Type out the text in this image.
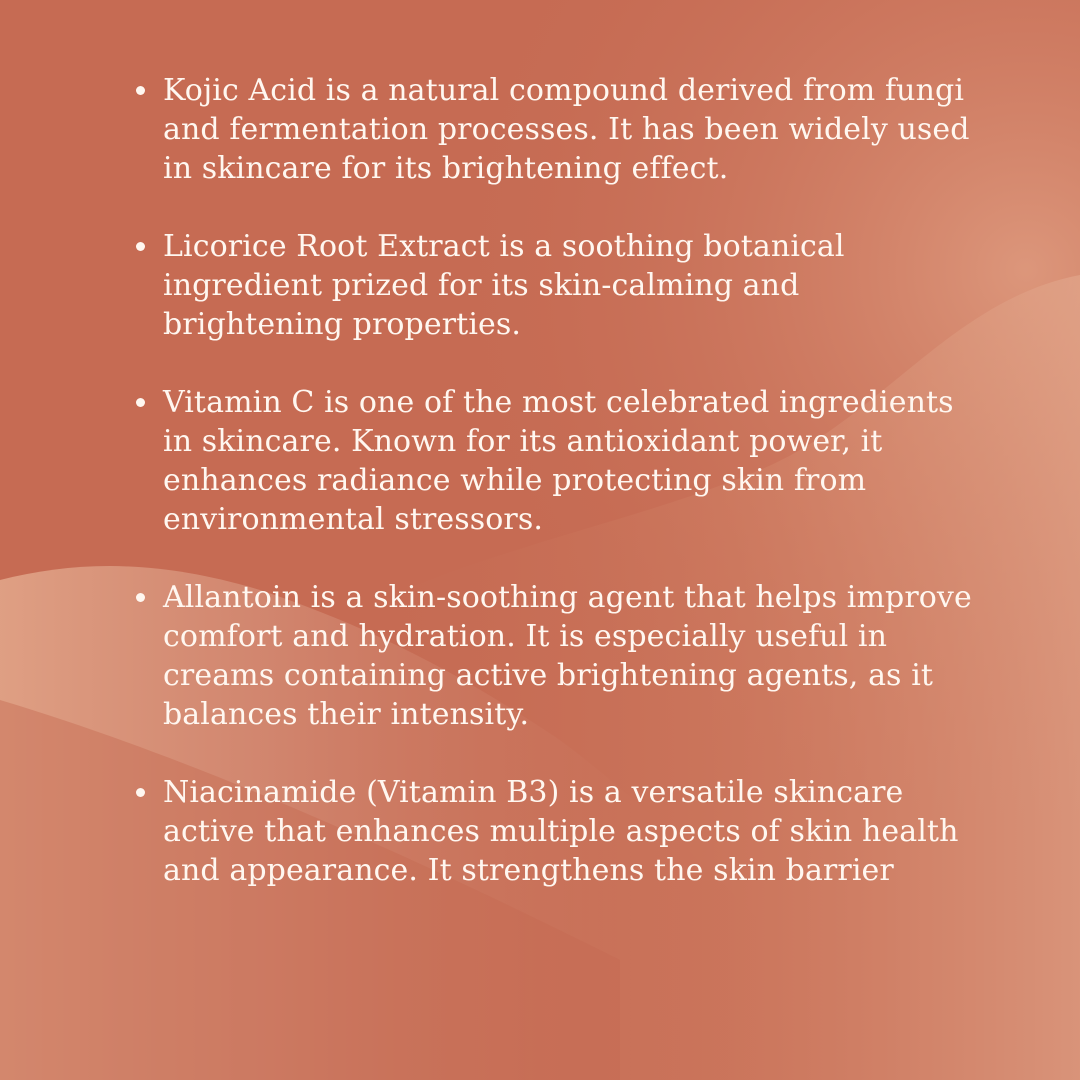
Kojic Acid is a natural compound derived from fungi and fermentation processes. It has been widely used in skincare for its brightening effect.
Licorice Root Extract is a soothing botanical ingredient prized for its skin-calming and brightening properties.
Vitamin C is one of the most celebrated ingredients in skincare. Known for its antioxidant power, it enhances radiance while protecting skin from environmental stressors.
Allantoin is a skin-soothing agent that helps improve comfort and hydration. It is especially useful in creams containing active brightening agents, as it balances their intensity.
Niacinamide (Vitamin B3) is a versatile skincare active that enhances multiple aspects of skin health and appearance. It strengthens the skin barrier
